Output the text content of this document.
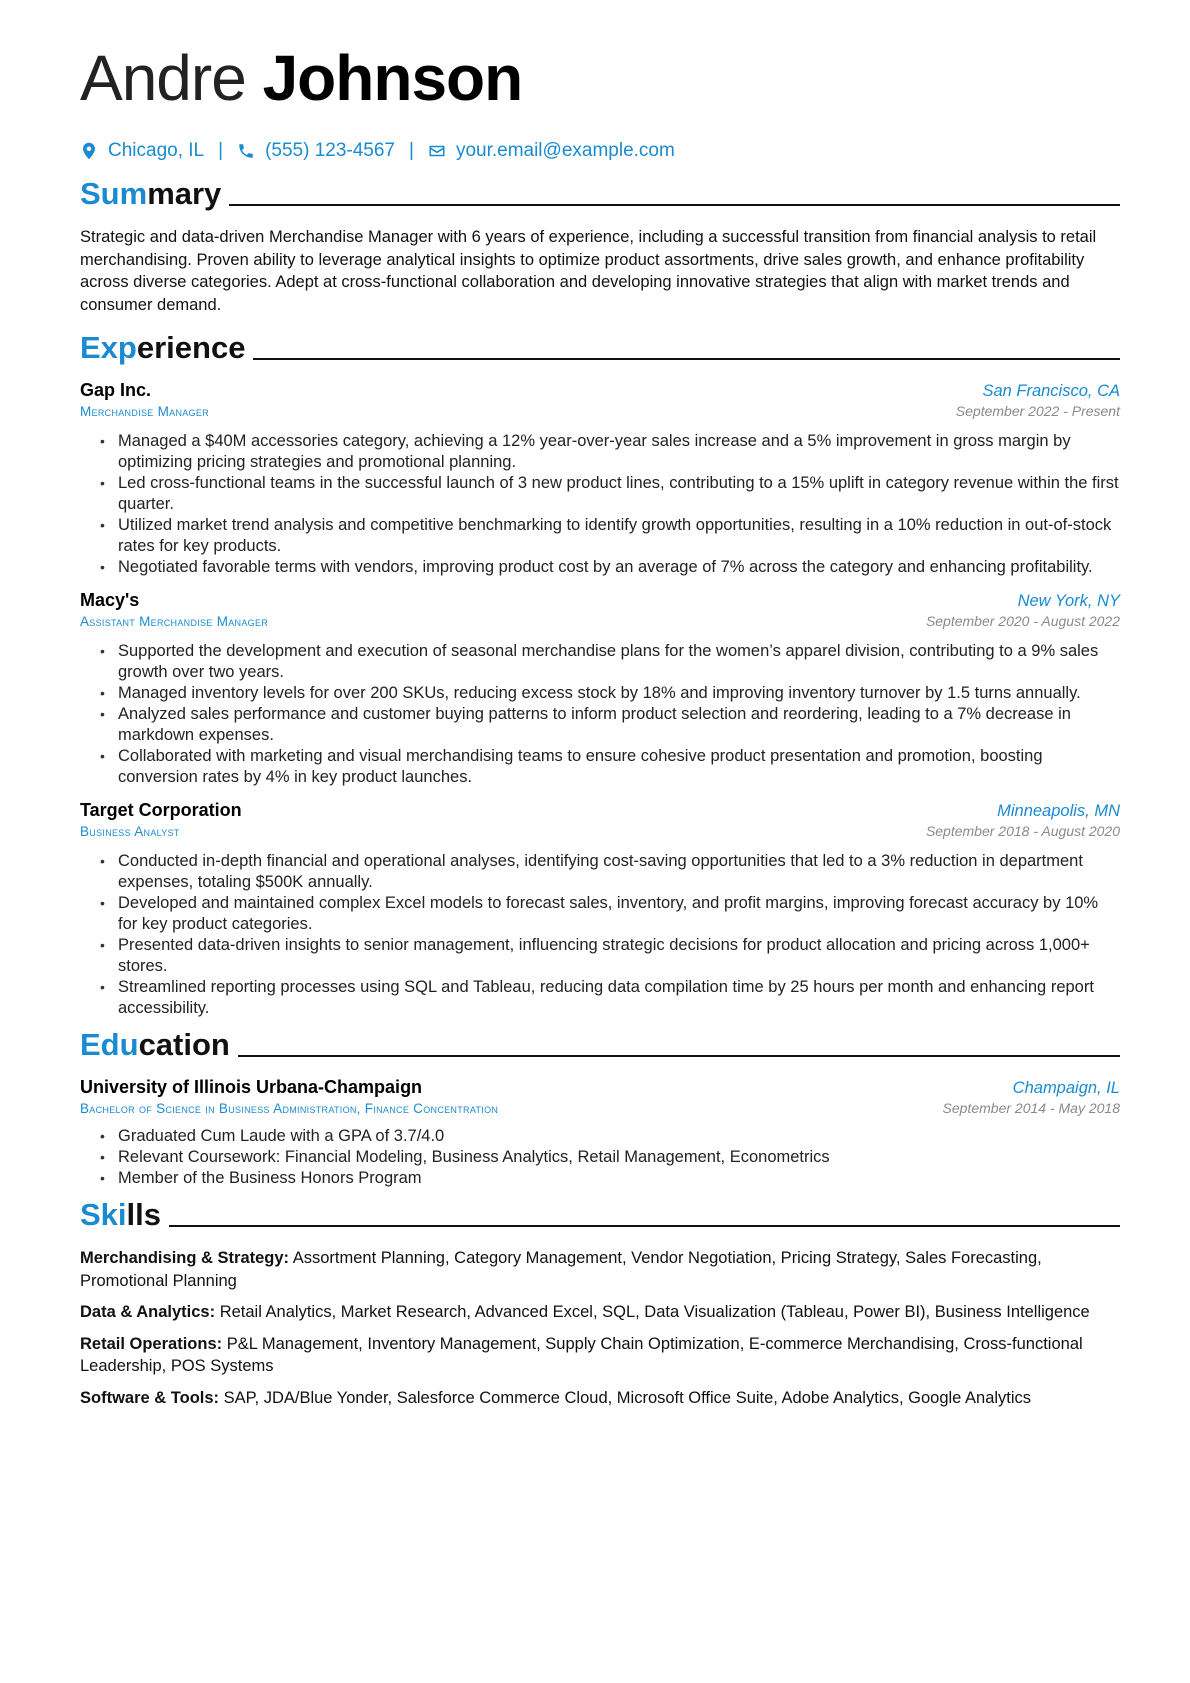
Andre Johnson
Chicago, IL | (555) 123-4567 | your.email@example.com
Summary
Strategic and data-driven Merchandise Manager with 6 years of experience, including a successful transition from financial analysis to retail merchandising. Proven ability to leverage analytical insights to optimize product assortments, drive sales growth, and enhance profitability across diverse categories. Adept at cross-functional collaboration and developing innovative strategies that align with market trends and consumer demand.
Experience
Gap Inc.	San Francisco, CA
Merchandise Manager	September 2022 - Present
• Managed a $40M accessories category, achieving a 12% year-over-year sales increase and a 5% improvement in gross margin by optimizing pricing strategies and promotional planning.
• Led cross-functional teams in the successful launch of 3 new product lines, contributing to a 15% uplift in category revenue within the first quarter.
• Utilized market trend analysis and competitive benchmarking to identify growth opportunities, resulting in a 10% reduction in out-of-stock rates for key products.
• Negotiated favorable terms with vendors, improving product cost by an average of 7% across the category and enhancing profitability.
Macy's	New York, NY
Assistant Merchandise Manager	September 2020 - August 2022
• Supported the development and execution of seasonal merchandise plans for the women’s apparel division, contributing to a 9% sales growth over two years.
• Managed inventory levels for over 200 SKUs, reducing excess stock by 18% and improving inventory turnover by 1.5 turns annually.
• Analyzed sales performance and customer buying patterns to inform product selection and reordering, leading to a 7% decrease in markdown expenses.
• Collaborated with marketing and visual merchandising teams to ensure cohesive product presentation and promotion, boosting conversion rates by 4% in key product launches.
Target Corporation	Minneapolis, MN
Business Analyst	September 2018 - August 2020
• Conducted in-depth financial and operational analyses, identifying cost-saving opportunities that led to a 3% reduction in department expenses, totaling $500K annually.
• Developed and maintained complex Excel models to forecast sales, inventory, and profit margins, improving forecast accuracy by 10% for key product categories.
• Presented data-driven insights to senior management, influencing strategic decisions for product allocation and pricing across 1,000+ stores.
• Streamlined reporting processes using SQL and Tableau, reducing data compilation time by 25 hours per month and enhancing report accessibility.
Education
University of Illinois Urbana-Champaign	Champaign, IL
Bachelor of Science in Business Administration, Finance Concentration	September 2014 - May 2018
• Graduated Cum Laude with a GPA of 3.7/4.0
• Relevant Coursework: Financial Modeling, Business Analytics, Retail Management, Econometrics
• Member of the Business Honors Program
Skills
Merchandising & Strategy: Assortment Planning, Category Management, Vendor Negotiation, Pricing Strategy, Sales Forecasting, Promotional Planning
Data & Analytics: Retail Analytics, Market Research, Advanced Excel, SQL, Data Visualization (Tableau, Power BI), Business Intelligence
Retail Operations: P&L Management, Inventory Management, Supply Chain Optimization, E-commerce Merchandising, Cross-functional Leadership, POS Systems
Software & Tools: SAP, JDA/Blue Yonder, Salesforce Commerce Cloud, Microsoft Office Suite, Adobe Analytics, Google Analytics
